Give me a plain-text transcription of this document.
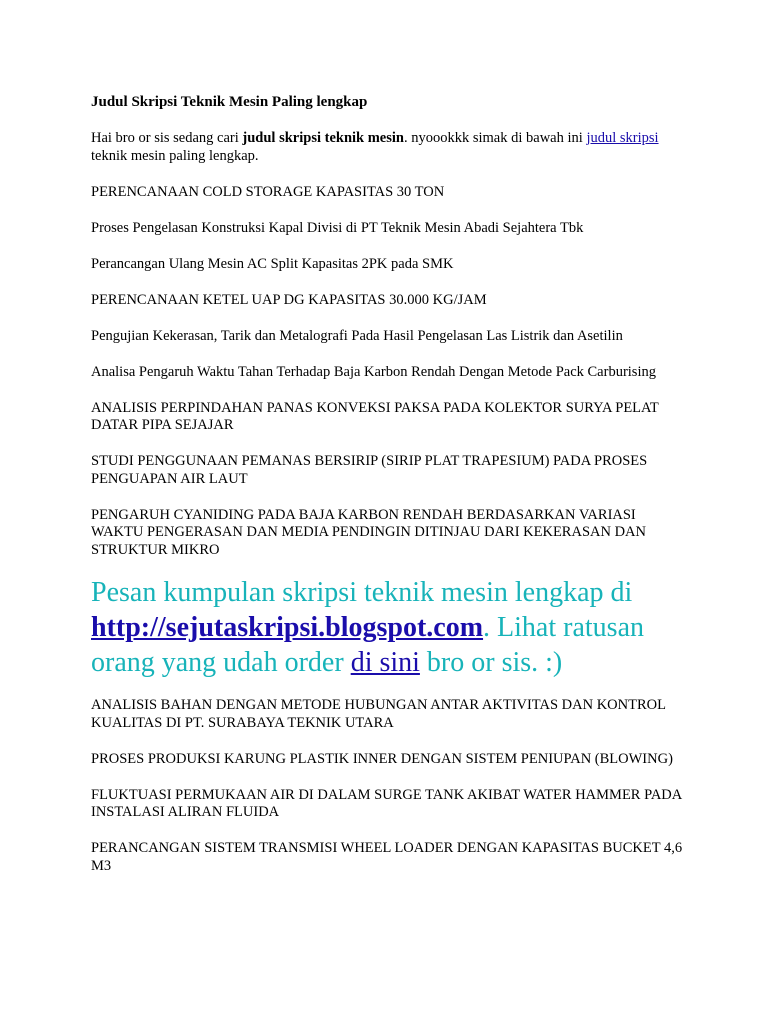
Judul Skripsi Teknik Mesin Paling lengkap

Hai bro or sis sedang cari judul skripsi teknik mesin. nyoookkk simak di bawah ini judul skripsi teknik mesin paling lengkap.

PERENCANAAN COLD STORAGE KAPASITAS 30 TON

Proses Pengelasan Konstruksi Kapal Divisi di PT Teknik Mesin Abadi Sejahtera Tbk

Perancangan Ulang Mesin AC Split Kapasitas 2PK pada SMK

PERENCANAAN KETEL UAP DG KAPASITAS 30.000 KG/JAM

Pengujian Kekerasan, Tarik dan Metalografi Pada Hasil Pengelasan Las Listrik dan Asetilin

Analisa Pengaruh Waktu Tahan Terhadap Baja Karbon Rendah Dengan Metode Pack Carburising

ANALISIS PERPINDAHAN PANAS KONVEKSI PAKSA PADA KOLEKTOR SURYA PELAT DATAR PIPA SEJAJAR

STUDI PENGGUNAAN PEMANAS BERSIRIP (SIRIP PLAT TRAPESIUM) PADA PROSES PENGUAPAN AIR LAUT

PENGARUH CYANIDING PADA BAJA KARBON RENDAH BERDASARKAN VARIASI WAKTU PENGERASAN DAN MEDIA PENDINGIN DITINJAU DARI KEKERASAN DAN STRUKTUR MIKRO

Pesan kumpulan skripsi teknik mesin lengkap di http://sejutaskripsi.blogspot.com. Lihat ratusan orang yang udah order di sini bro or sis. :)

ANALISIS BAHAN DENGAN METODE HUBUNGAN ANTAR AKTIVITAS DAN KONTROL KUALITAS DI PT. SURABAYA TEKNIK UTARA

PROSES PRODUKSI KARUNG PLASTIK INNER DENGAN SISTEM PENIUPAN (BLOWING)

FLUKTUASI PERMUKAAN AIR DI DALAM SURGE TANK AKIBAT WATER HAMMER PADA INSTALASI ALIRAN FLUIDA

PERANCANGAN SISTEM TRANSMISI WHEEL LOADER DENGAN KAPASITAS BUCKET 4,6 M3
